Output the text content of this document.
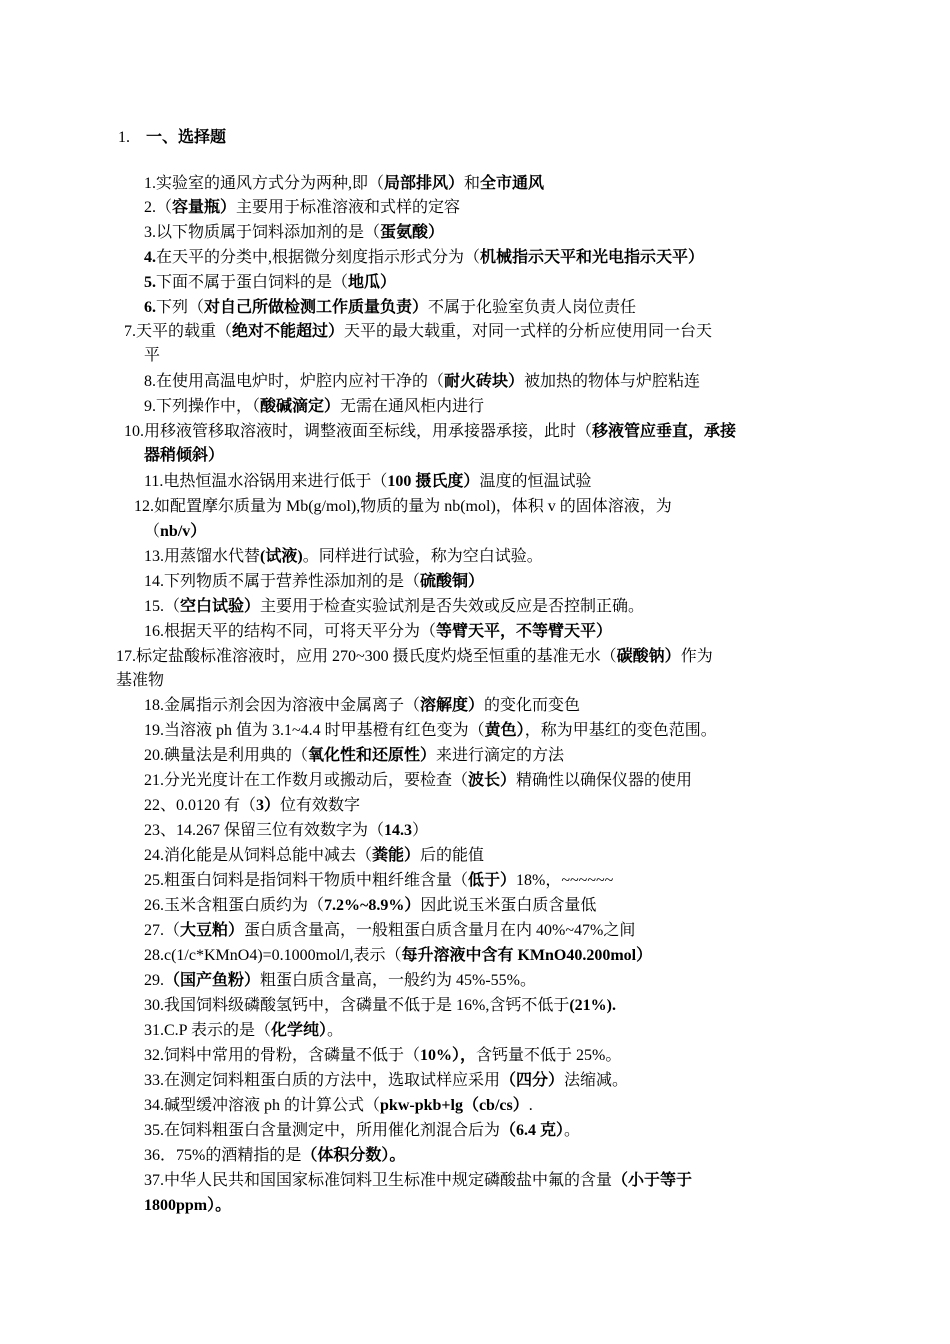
1. 一、选择题
1.实验室的通风方式分为两种,即（局部排风）和全市通风
2.（容量瓶）主要用于标准溶液和式样的定容
3.以下物质属于饲料添加剂的是（蛋氨酸）
4.在天平的分类中,根据微分刻度指示形式分为（机械指示天平和光电指示天平）
5.下面不属于蛋白饲料的是（地瓜）
6.下列（对自己所做检测工作质量负责）不属于化验室负责人岗位责任
7.天平的载重（绝对不能超过）天平的最大载重，对同一式样的分析应使用同一台天
平
8.在使用高温电炉时，炉腔内应衬干净的（耐火砖块）被加热的物体与炉腔粘连
9.下列操作中，（酸碱滴定）无需在通风柜内进行
10.用移液管移取溶液时，调整液面至标线，用承接器承接，此时（移液管应垂直，承接
器稍倾斜）
11.电热恒温水浴锅用来进行低于（100 摄氏度）温度的恒温试验
12.如配置摩尔质量为 Mb(g/mol),物质的量为 nb(mol)，体积 v 的固体溶液，为
（nb/v）
13.用蒸馏水代替(试液)。同样进行试验，称为空白试验。
14.下列物质不属于营养性添加剂的是（硫酸铜）
15.（空白试验）主要用于检查实验试剂是否失效或反应是否控制正确。
16.根据天平的结构不同，可将天平分为（等臂天平，不等臂天平）
17.标定盐酸标准溶液时，应用 270~300 摄氏度灼烧至恒重的基准无水（碳酸钠）作为
基准物
18.金属指示剂会因为溶液中金属离子（溶解度）的变化而变色
19.当溶液 ph 值为 3.1~4.4 时甲基橙有红色变为（黄色），称为甲基红的变色范围。
20.碘量法是利用典的（氧化性和还原性）来进行滴定的方法
21.分光光度计在工作数月或搬动后，要检查（波长）精确性以确保仪器的使用
22、0.0120 有（3）位有效数字
23、14.267 保留三位有效数字为（14.3）
24.消化能是从饲料总能中减去（粪能）后的能值
25.粗蛋白饲料是指饲料干物质中粗纤维含量（低于）18%，~~~~~~
26.玉米含粗蛋白质约为（7.2%~8.9%）因此说玉米蛋白质含量低
27.（大豆粕）蛋白质含量高，一般粗蛋白质含量月在内 40%~47%之间
28.c(1/c*KMnO4)=0.1000mol/l,表示（每升溶液中含有 KMnO40.200mol）
29.（国产鱼粉）粗蛋白质含量高，一般约为 45%-55%。
30.我国饲料级磷酸氢钙中，含磷量不低于是 16%,含钙不低于(21%).
31.C.P 表示的是（化学纯）。
32.饲料中常用的骨粉，含磷量不低于（10%），含钙量不低于 25%。
33.在测定饲料粗蛋白质的方法中，选取试样应采用（四分）法缩减。
34.碱型缓冲溶液 ph 的计算公式（pkw-pkb+lg（cb/cs）.
35.在饲料粗蛋白含量测定中，所用催化剂混合后为（6.4 克）。
36．75%的酒精指的是（体积分数）。
37.中华人民共和国国家标准饲料卫生标准中规定磷酸盐中氟的含量（小于等于
1800ppm）。
